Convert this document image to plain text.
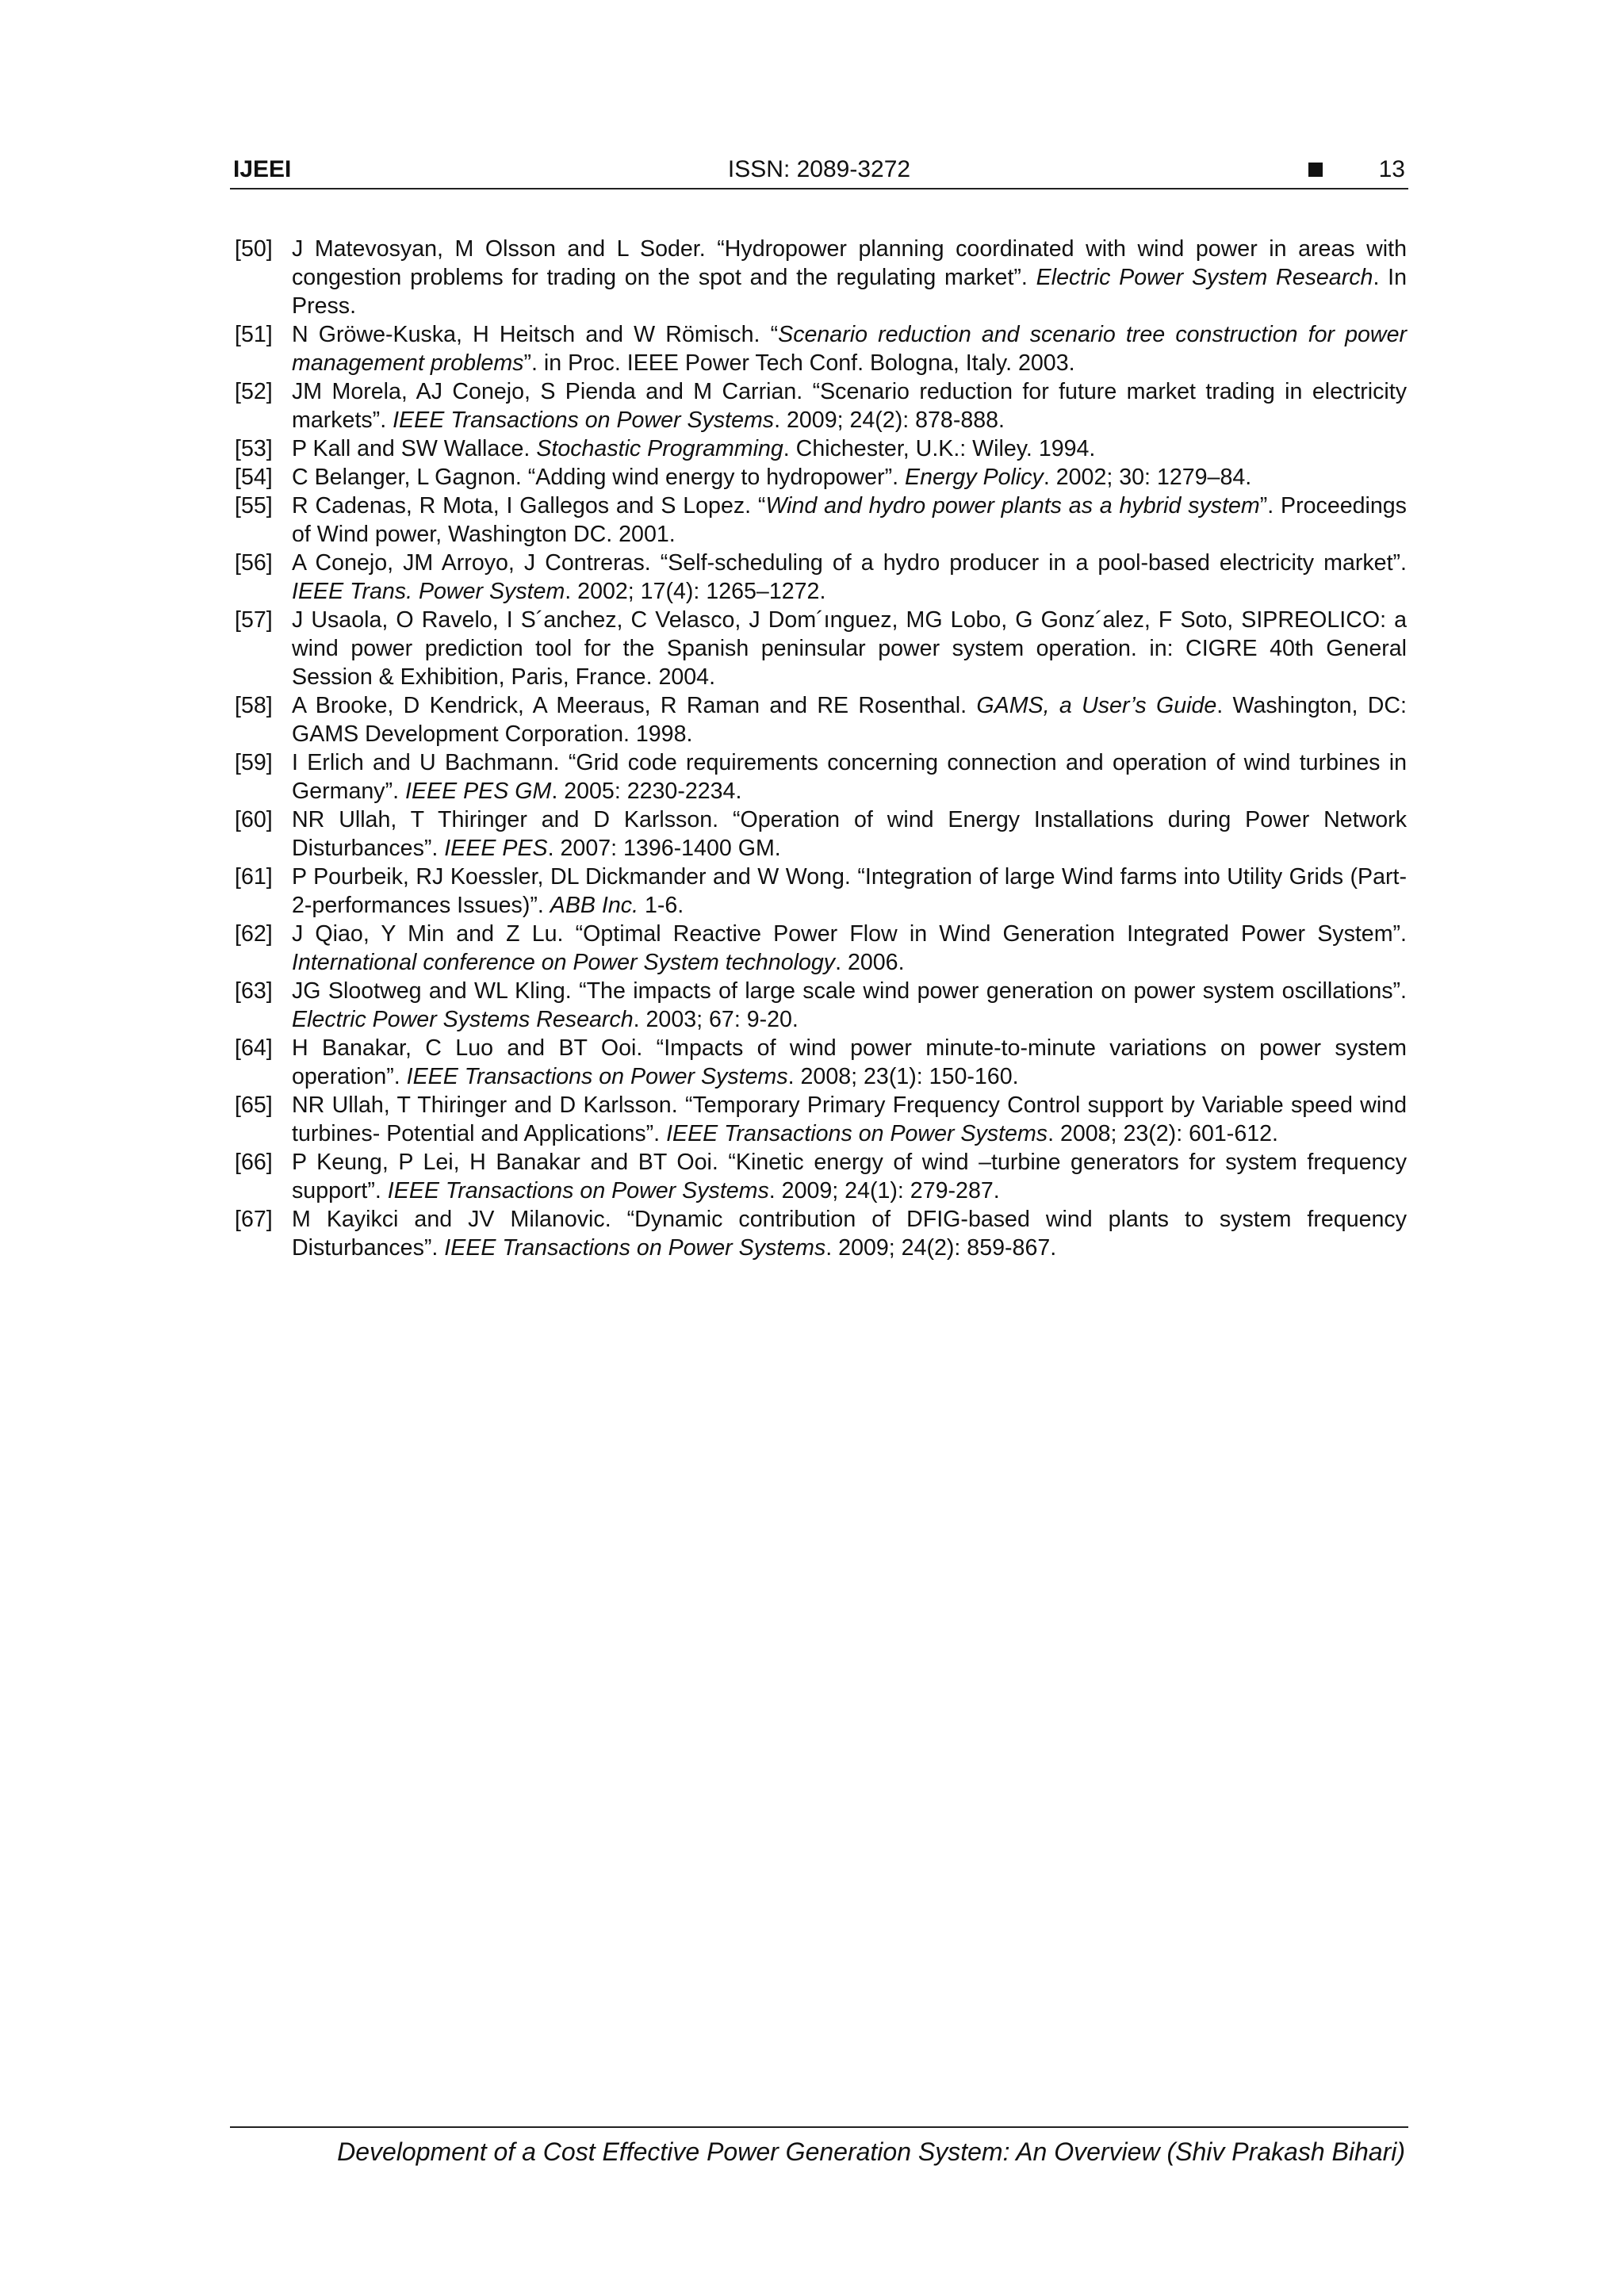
IJEEI	ISSN: 2089-3272	13
[50] J Matevosyan, M Olsson and L Soder. “Hydropower planning coordinated with wind power in areas with congestion problems for trading on the spot and the regulating market”. Electric Power System Research. In Press.
[51] N Gröwe-Kuska, H Heitsch and W Römisch. “Scenario reduction and scenario tree construction for power management problems”. in Proc. IEEE Power Tech Conf. Bologna, Italy. 2003.
[52] JM Morela, AJ Conejo, S Pienda and M Carrian. “Scenario reduction for future market trading in electricity markets”. IEEE Transactions on Power Systems. 2009; 24(2): 878-888.
[53] P Kall and SW Wallace. Stochastic Programming. Chichester, U.K.: Wiley. 1994.
[54] C Belanger, L Gagnon. “Adding wind energy to hydropower”. Energy Policy. 2002; 30: 1279–84.
[55] R Cadenas, R Mota, I Gallegos and S Lopez. “Wind and hydro power plants as a hybrid system”. Proceedings of Wind power, Washington DC. 2001.
[56] A Conejo, JM Arroyo, J Contreras. “Self-scheduling of a hydro producer in a pool-based electricity market”. IEEE Trans. Power System. 2002; 17(4): 1265–1272.
[57] J Usaola, O Ravelo, I S´anchez, C Velasco, J Dom´ınguez, MG Lobo, G Gonz´alez, F Soto, SIPREOLICO: a wind power prediction tool for the Spanish peninsular power system operation. in: CIGRE 40th General Session & Exhibition, Paris, France. 2004.
[58] A Brooke, D Kendrick, A Meeraus, R Raman and RE Rosenthal. GAMS, a User’s Guide. Washington, DC: GAMS Development Corporation. 1998.
[59] I Erlich and U Bachmann. “Grid code requirements concerning connection and operation of wind turbines in Germany”. IEEE PES GM. 2005: 2230-2234.
[60] NR Ullah, T Thiringer and D Karlsson. “Operation of wind Energy Installations during Power Network Disturbances”. IEEE PES. 2007: 1396-1400 GM.
[61] P Pourbeik, RJ Koessler, DL Dickmander and W Wong. “Integration of large Wind farms into Utility Grids (Part-2-performances Issues)”. ABB Inc. 1-6.
[62] J Qiao, Y Min and Z Lu. “Optimal Reactive Power Flow in Wind Generation Integrated Power System”. International conference on Power System technology. 2006.
[63] JG Slootweg and WL Kling. “The impacts of large scale wind power generation on power system oscillations”. Electric Power Systems Research. 2003; 67: 9-20.
[64] H Banakar, C Luo and BT Ooi. “Impacts of wind power minute-to-minute variations on power system operation”. IEEE Transactions on Power Systems. 2008; 23(1): 150-160.
[65] NR Ullah, T Thiringer and D Karlsson. “Temporary Primary Frequency Control support by Variable speed wind turbines- Potential and Applications”. IEEE Transactions on Power Systems. 2008; 23(2): 601-612.
[66] P Keung, P Lei, H Banakar and BT Ooi. “Kinetic energy of wind –turbine generators for system frequency support”. IEEE Transactions on Power Systems. 2009; 24(1): 279-287.
[67] M Kayikci and JV Milanovic. “Dynamic contribution of DFIG-based wind plants to system frequency Disturbances”. IEEE Transactions on Power Systems. 2009; 24(2): 859-867.
Development of a Cost Effective Power Generation System: An Overview (Shiv Prakash Bihari)
